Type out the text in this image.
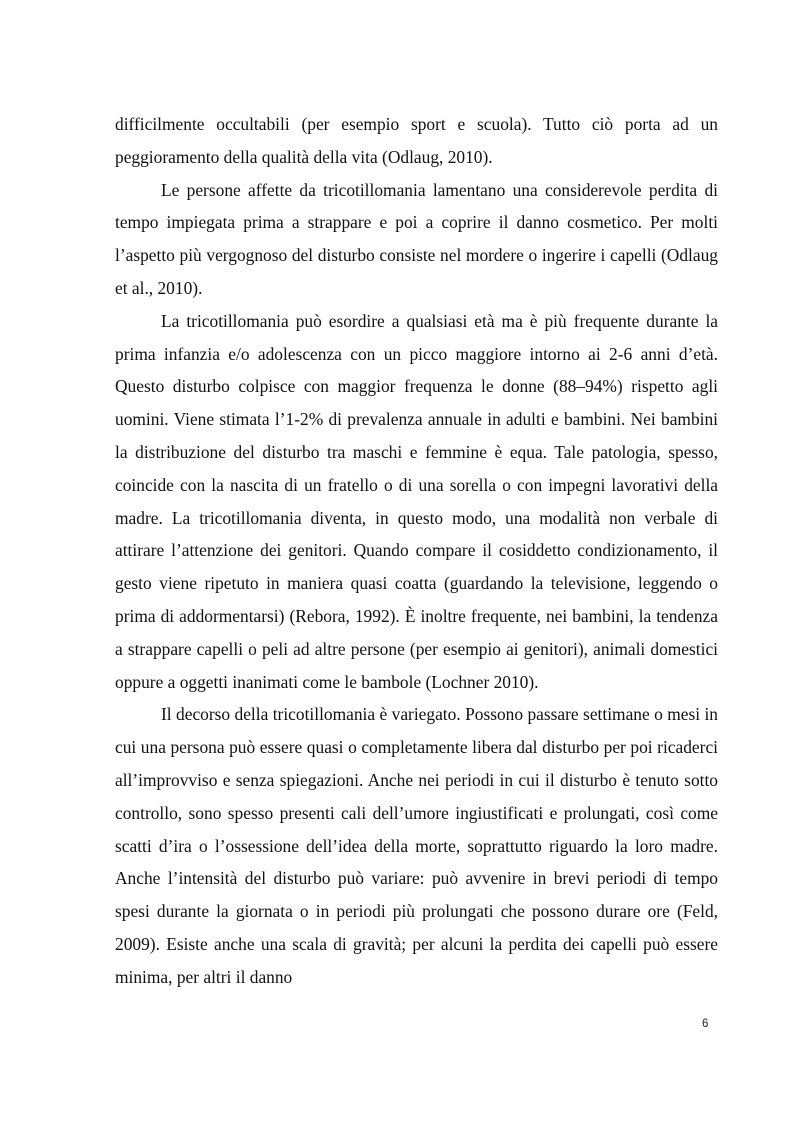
difficilmente occultabili (per esempio sport e scuola). Tutto ciò porta ad un peggioramento della qualità della vita (Odlaug, 2010).

Le persone affette da tricotillomania lamentano una considerevole perdita di tempo impiegata prima a strappare e poi a coprire il danno cosmetico. Per molti l’aspetto più vergognoso del disturbo consiste nel mordere o ingerire i capelli (Odlaug et al., 2010).

La tricotillomania può esordire a qualsiasi età ma è più frequente durante la prima infanzia e/o adolescenza con un picco maggiore intorno ai 2-6 anni d’età. Questo disturbo colpisce con maggior frequenza le donne (88–94%) rispetto agli uomini. Viene stimata l’1-2% di prevalenza annuale in adulti e bambini. Nei bambini la distribuzione del disturbo tra maschi e femmine è equa. Tale patologia, spesso, coincide con la nascita di un fratello o di una sorella o con impegni lavorativi della madre. La tricotillomania diventa, in questo modo, una modalità non verbale di attirare l’attenzione dei genitori. Quando compare il cosiddetto condizionamento, il gesto viene ripetuto in maniera quasi coatta (guardando la televisione, leggendo o prima di addormentarsi) (Rebora, 1992). È inoltre frequente, nei bambini, la tendenza a strappare capelli o peli ad altre persone (per esempio ai genitori), animali domestici oppure a oggetti inanimati come le bambole (Lochner 2010).

Il decorso della tricotillomania è variegato. Possono passare settimane o mesi in cui una persona può essere quasi o completamente libera dal disturbo per poi ricaderci all’improvviso e senza spiegazioni. Anche nei periodi in cui il disturbo è tenuto sotto controllo, sono spesso presenti cali dell’umore ingiustificati e prolungati, così come scatti d’ira o l’ossessione dell’idea della morte, soprattutto riguardo la loro madre. Anche l’intensità del disturbo può variare: può avvenire in brevi periodi di tempo spesi durante la giornata o in periodi più prolungati che possono durare ore (Feld, 2009). Esiste anche una scala di gravità; per alcuni la perdita dei capelli può essere minima, per altri il danno

6
